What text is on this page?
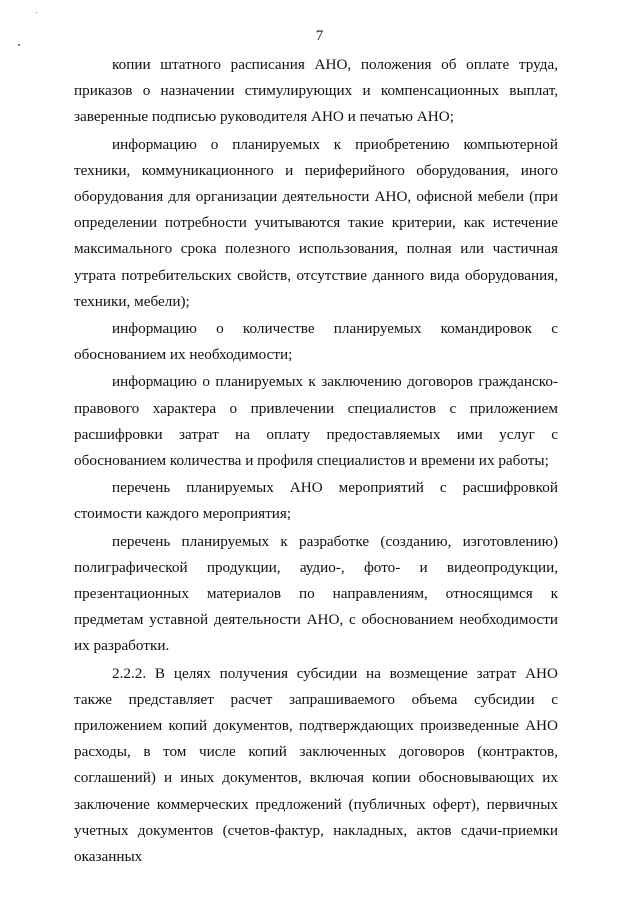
7

копии штатного расписания АНО, положения об оплате труда, приказов о назначении стимулирующих и компенсационных выплат, заверенные подписью руководителя АНО и печатью АНО;

информацию о планируемых к приобретению компьютерной техники, коммуникационного и периферийного оборудования, иного оборудования для организации деятельности АНО, офисной мебели (при определении потребности учитываются такие критерии, как истечение максимального срока полезного использования, полная или частичная утрата потребительских свойств, отсутствие данного вида оборудования, техники, мебели);

информацию о количестве планируемых командировок с обоснованием их необходимости;

информацию о планируемых к заключению договоров гражданско-правового характера о привлечении специалистов с приложением расшифровки затрат на оплату предоставляемых ими услуг с обоснованием количества и профиля специалистов и времени их работы;

перечень планируемых АНО мероприятий с расшифровкой стоимости каждого мероприятия;

перечень планируемых к разработке (созданию, изготовлению) полиграфической продукции, аудио-, фото- и видеопродукции, презентационных материалов по направлениям, относящимся к предметам уставной деятельности АНО, с обоснованием необходимости их разработки.

2.2.2. В целях получения субсидии на возмещение затрат АНО также представляет расчет запрашиваемого объема субсидии с приложением копий документов, подтверждающих произведенные АНО расходы, в том числе копий заключенных договоров (контрактов, соглашений) и иных документов, включая копии обосновывающих их заключение коммерческих предложений (публичных оферт), первичных учетных документов (счетов-фактур, накладных, актов сдачи-приемки оказанных
